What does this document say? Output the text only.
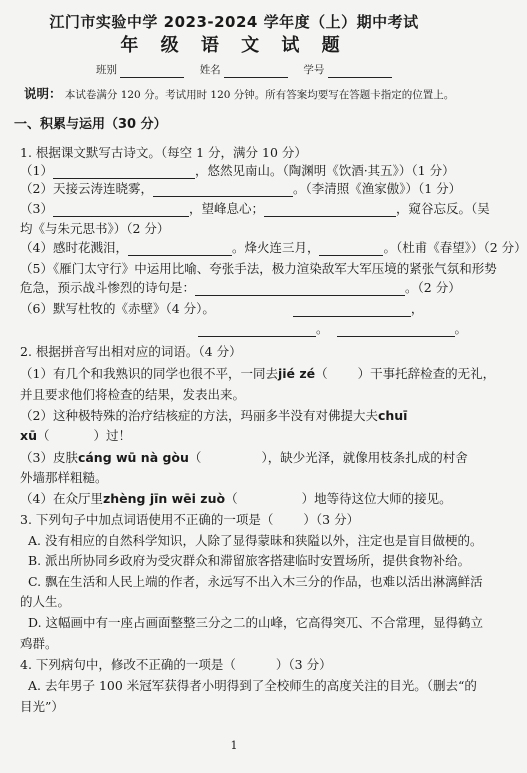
江门市实验中学 2023-2024 学年度（上）期中考试
年 级 语 文 试 题
班别	姓名	学号
说明： 本试卷满分 120 分。考试用时 120 分钟。所有答案均要写在答题卡指定的位置上。
一、积累与运用（30 分）
1. 根据课文默写古诗文。（每空 1 分，满分 10 分）
（1）	，悠然见南山。（陶渊明《饮酒·其五》）（1 分）
（2）天接云涛连晓雾，	。（李清照《渔家傲》）（1 分）
（3）	，望峰息心；	，窥谷忘反。（吴
均《与朱元思书》）（2 分）
（4）感时花溅泪，	。烽火连三月，	。（杜甫《春望》）（2 分）
（5）《雁门太守行》中运用比喻、夸张手法，极力渲染敌军大军压境的紧张气氛和形势
危急，预示战斗惨烈的诗句是：	。（2 分）
（6）默写杜牧的《赤壁》（4 分）。	，
。	。
2. 根据拼音写出相对应的词语。（4 分）
（1）有几个和我熟识的同学也很不平，一同去jié zé（ ）干事托辞检查的无礼，
并且要求他们将检查的结果，发表出来。
（2）这种极特殊的治疗结核症的方法，玛丽多半没有对佛提大夫chuī
xū（	）过！
（3）皮肤cáng wū nà gòu（	），缺少光泽，就像用枝条扎成的村舍
外墙那样粗糙。
（4）在众厅里zhèng jīn wēi zuò（	）地等待这位大师的接见。
3. 下列句子中加点词语使用不正确的一项是（ ）（3 分）
A. 没有相应的自然科学知识，人除了显得蒙昧和狭隘以外，注定也是盲目做梗的。
B. 派出所协同乡政府为受灾群众和滞留旅客搭建临时安置场所，提供食物补给。
C. 飘在生活和人民上端的作者，永远写不出入木三分的作品，也难以活出淋漓鲜活
的人生。
D. 这幅画中有一座占画面整整三分之二的山峰，它高得突兀、不合常理，显得鹤立
鸡群。
4. 下列病句中，修改不正确的一项是（	）（3 分）
A. 去年男子 100 米冠军获得者小明得到了全校师生的高度关注的目光。（删去“的
目光”）
1
